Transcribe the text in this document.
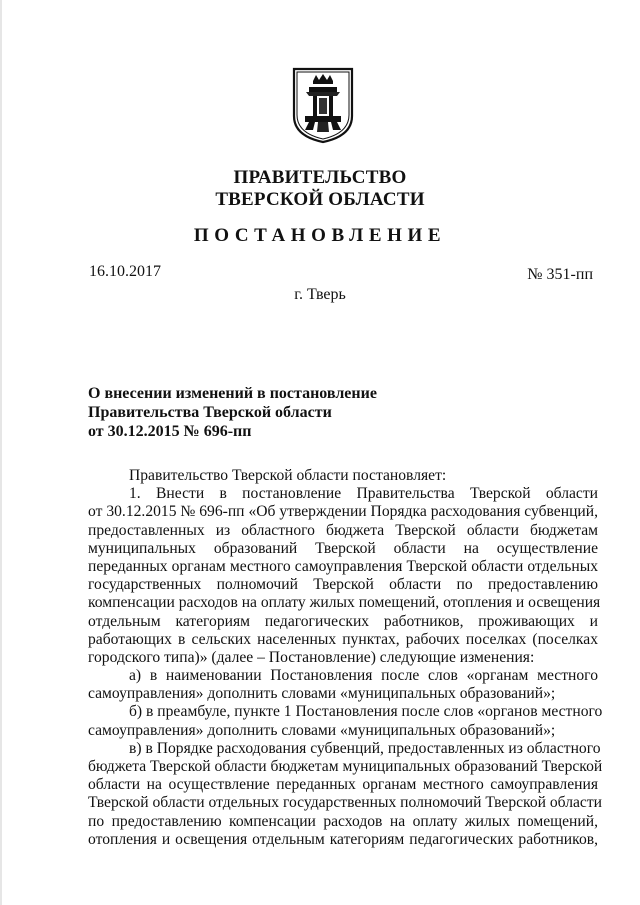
ПРАВИТЕЛЬСТВО
ТВЕРСКОЙ ОБЛАСТИ
ПОСТАНОВЛЕНИЕ
16.10.2017	№ 351-пп
г. Тверь
О внесении изменений в постановление
Правительства Тверской области
от 30.12.2015 № 696-пп
Правительство Тверской области постановляет:
1. Внести в постановление Правительства Тверской области
от 30.12.2015 № 696-пп «Об утверждении Порядка расходования субвенций,
предоставленных из областного бюджета Тверской области бюджетам
муниципальных образований Тверской области на осуществление
переданных органам местного самоуправления Тверской области отдельных
государственных полномочий Тверской области по предоставлению
компенсации расходов на оплату жилых помещений, отопления и освещения
отдельным категориям педагогических работников, проживающих и
работающих в сельских населенных пунктах, рабочих поселках (поселках
городского типа)» (далее – Постановление) следующие изменения:
а) в наименовании Постановления после слов «органам местного
самоуправления» дополнить словами «муниципальных образований»;
б) в преамбуле, пункте 1 Постановления после слов «органов местного
самоуправления» дополнить словами «муниципальных образований»;
в) в Порядке расходования субвенций, предоставленных из областного
бюджета Тверской области бюджетам муниципальных образований Тверской
области на осуществление переданных органам местного самоуправления
Тверской области отдельных государственных полномочий Тверской области
по предоставлению компенсации расходов на оплату жилых помещений,
отопления и освещения отдельным категориям педагогических работников,
